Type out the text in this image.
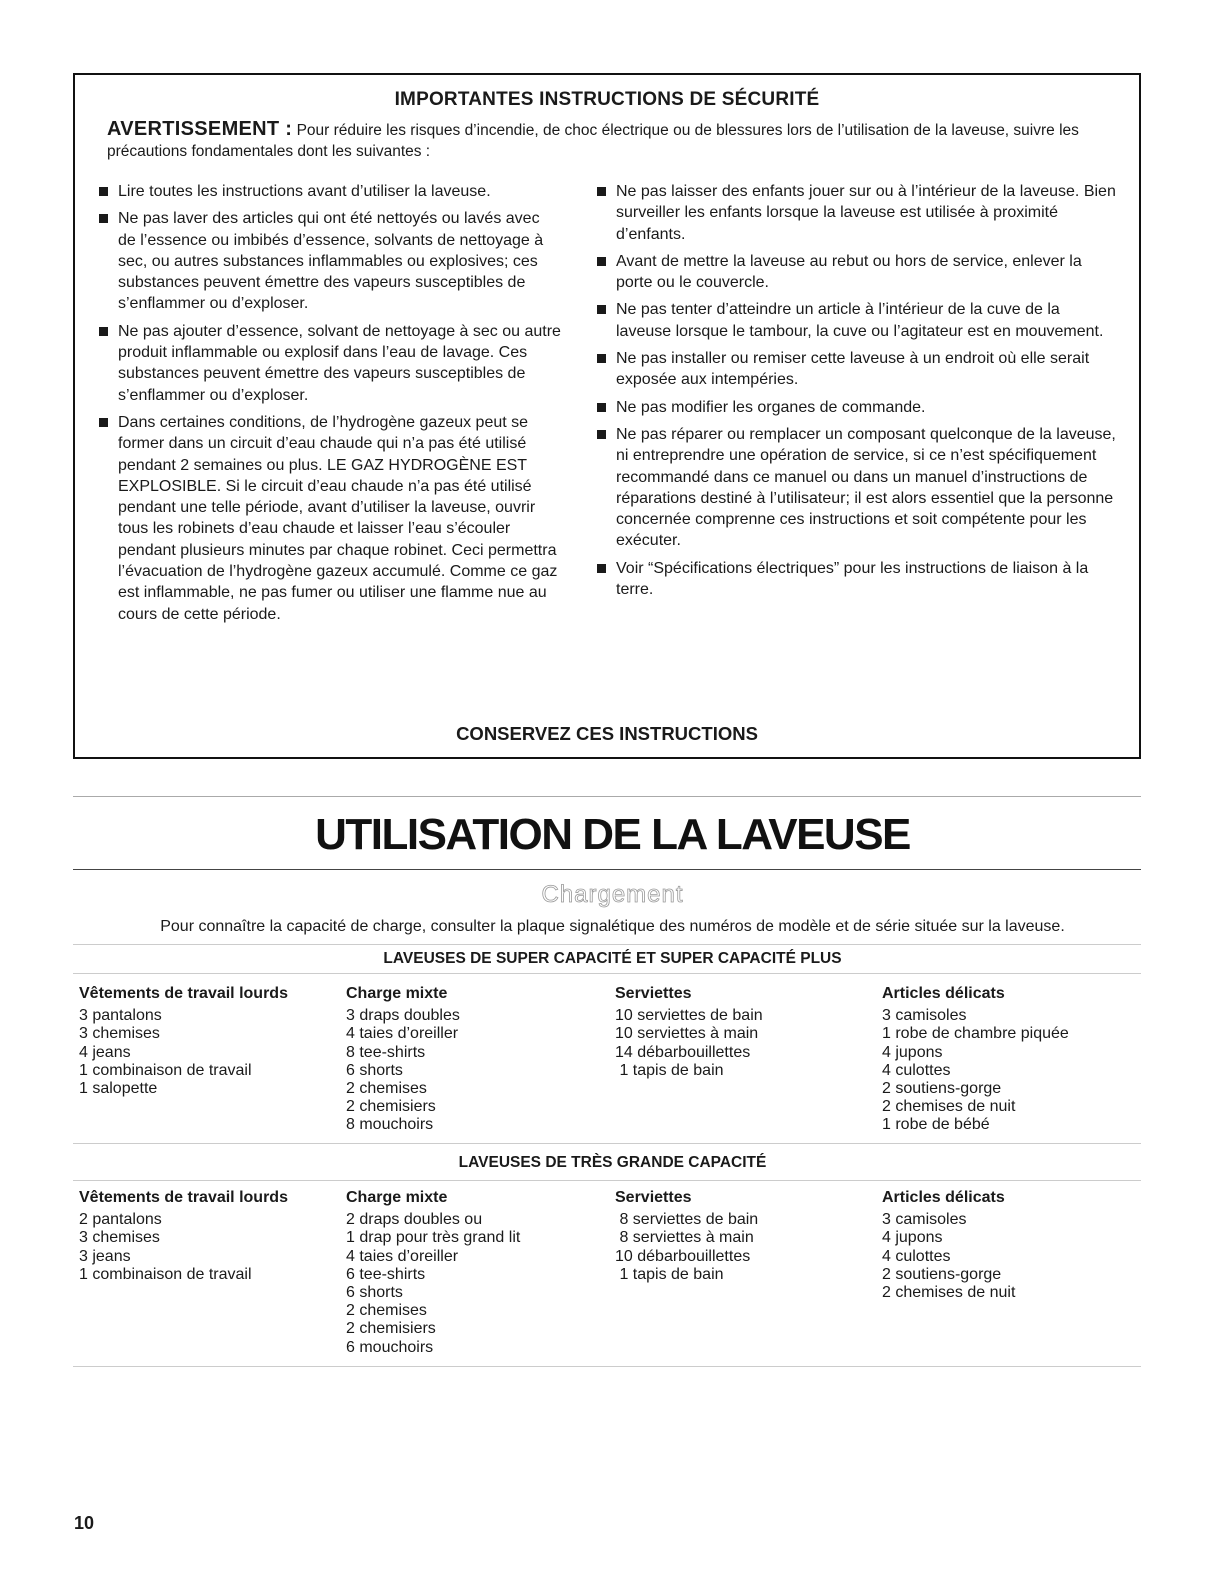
IMPORTANTES INSTRUCTIONS DE SÉCURITÉ
AVERTISSEMENT : Pour réduire les risques d’incendie, de choc électrique ou de blessures lors de l’utilisation de la laveuse, suivre les précautions fondamentales dont les suivantes :
Lire toutes les instructions avant d’utiliser la laveuse.
Ne pas laver des articles qui ont été nettoyés ou lavés avec de l’essence ou imbibés d’essence, solvants de nettoyage à sec, ou autres substances inflammables ou explosives; ces substances peuvent émettre des vapeurs susceptibles de s’enflammer ou d’exploser.
Ne pas ajouter d’essence, solvant de nettoyage à sec ou autre produit inflammable ou explosif dans l’eau de lavage. Ces substances peuvent émettre des vapeurs susceptibles de s’enflammer ou d’exploser.
Dans certaines conditions, de l’hydrogène gazeux peut se former dans un circuit d’eau chaude qui n’a pas été utilisé pendant 2 semaines ou plus. LE GAZ HYDROGÈNE EST EXPLOSIBLE. Si le circuit d’eau chaude n’a pas été utilisé pendant une telle période, avant d’utiliser la laveuse, ouvrir tous les robinets d’eau chaude et laisser l’eau s’écouler pendant plusieurs minutes par chaque robinet. Ceci permettra l’évacuation de l’hydrogène gazeux accumulé. Comme ce gaz est inflammable, ne pas fumer ou utiliser une flamme nue au cours de cette période.
Ne pas laisser des enfants jouer sur ou à l’intérieur de la laveuse. Bien surveiller les enfants lorsque la laveuse est utilisée à proximité d’enfants.
Avant de mettre la laveuse au rebut ou hors de service, enlever la porte ou le couvercle.
Ne pas tenter d’atteindre un article à l’intérieur de la cuve de la laveuse lorsque le tambour, la cuve ou l’agitateur est en mouvement.
Ne pas installer ou remiser cette laveuse à un endroit où elle serait exposée aux intempéries.
Ne pas modifier les organes de commande.
Ne pas réparer ou remplacer un composant quelconque de la laveuse, ni entreprendre une opération de service, si ce n’est spécifiquement recommandé dans ce manuel ou dans un manuel d’instructions de réparations destiné à l’utilisateur; il est alors essentiel que la personne concernée comprenne ces instructions et soit compétente pour les exécuter.
Voir “Spécifications électriques” pour les instructions de liaison à la terre.
CONSERVEZ CES INSTRUCTIONS
UTILISATION DE LA LAVEUSE
Chargement
Pour connaître la capacité de charge, consulter la plaque signalétique des numéros de modèle et de série située sur la laveuse.
LAVEUSES DE SUPER CAPACITÉ ET SUPER CAPACITÉ PLUS
Vêtements de travail lourds
3 pantalons
3 chemises
4 jeans
1 combinaison de travail
1 salopette
Charge mixte
3 draps doubles
4 taies d’oreiller
8 tee-shirts
6 shorts
2 chemises
2 chemisiers
8 mouchoirs
Serviettes
10 serviettes de bain
10 serviettes à main
14 débarbouillettes
1 tapis de bain
Articles délicats
3 camisoles
1 robe de chambre piquée
4 jupons
4 culottes
2 soutiens-gorge
2 chemises de nuit
1 robe de bébé
LAVEUSES DE TRÈS GRANDE CAPACITÉ
Vêtements de travail lourds
2 pantalons
3 chemises
3 jeans
1 combinaison de travail
Charge mixte
2 draps doubles ou
1 drap pour très grand lit
4 taies d’oreiller
6 tee-shirts
6 shorts
2 chemises
2 chemisiers
6 mouchoirs
Serviettes
8 serviettes de bain
8 serviettes à main
10 débarbouillettes
1 tapis de bain
Articles délicats
3 camisoles
4 jupons
4 culottes
2 soutiens-gorge
2 chemises de nuit
10
